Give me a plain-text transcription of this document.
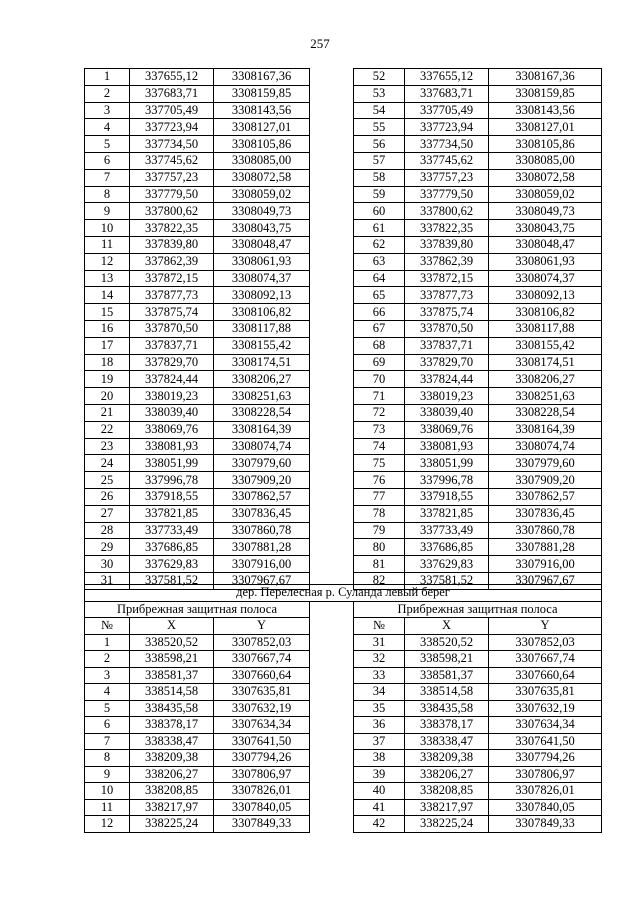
257
1	337655,12	3308167,36		52	337655,12	3308167,36
2	337683,71	3308159,85		53	337683,71	3308159,85
3	337705,49	3308143,56		54	337705,49	3308143,56
4	337723,94	3308127,01		55	337723,94	3308127,01
5	337734,50	3308105,86		56	337734,50	3308105,86
6	337745,62	3308085,00		57	337745,62	3308085,00
7	337757,23	3308072,58		58	337757,23	3308072,58
8	337779,50	3308059,02		59	337779,50	3308059,02
9	337800,62	3308049,73		60	337800,62	3308049,73
10	337822,35	3308043,75		61	337822,35	3308043,75
11	337839,80	3308048,47		62	337839,80	3308048,47
12	337862,39	3308061,93		63	337862,39	3308061,93
13	337872,15	3308074,37		64	337872,15	3308074,37
14	337877,73	3308092,13		65	337877,73	3308092,13
15	337875,74	3308106,82		66	337875,74	3308106,82
16	337870,50	3308117,88		67	337870,50	3308117,88
17	337837,71	3308155,42		68	337837,71	3308155,42
18	337829,70	3308174,51		69	337829,70	3308174,51
19	337824,44	3308206,27		70	337824,44	3308206,27
20	338019,23	3308251,63		71	338019,23	3308251,63
21	338039,40	3308228,54		72	338039,40	3308228,54
22	338069,76	3308164,39		73	338069,76	3308164,39
23	338081,93	3308074,74		74	338081,93	3308074,74
24	338051,99	3307979,60		75	338051,99	3307979,60
25	337996,78	3307909,20		76	337996,78	3307909,20
26	337918,55	3307862,57		77	337918,55	3307862,57
27	337821,85	3307836,45		78	337821,85	3307836,45
28	337733,49	3307860,78		79	337733,49	3307860,78
29	337686,85	3307881,28		80	337686,85	3307881,28
30	337629,83	3307916,00		81	337629,83	3307916,00
31	337581,52	3307967,67		82	337581,52	3307967,67
дер. Перелесная р. Суланда левый берег						
Прибрежная защитная полоса				Прибрежная защитная полоса		
№	X	Y		№	X	Y
1	338520,52	3307852,03		31	338520,52	3307852,03
2	338598,21	3307667,74		32	338598,21	3307667,74
3	338581,37	3307660,64		33	338581,37	3307660,64
4	338514,58	3307635,81		34	338514,58	3307635,81
5	338435,58	3307632,19		35	338435,58	3307632,19
6	338378,17	3307634,34		36	338378,17	3307634,34
7	338338,47	3307641,50		37	338338,47	3307641,50
8	338209,38	3307794,26		38	338209,38	3307794,26
9	338206,27	3307806,97		39	338206,27	3307806,97
10	338208,85	3307826,01		40	338208,85	3307826,01
11	338217,97	3307840,05		41	338217,97	3307840,05
12	338225,24	3307849,33		42	338225,24	3307849,33
